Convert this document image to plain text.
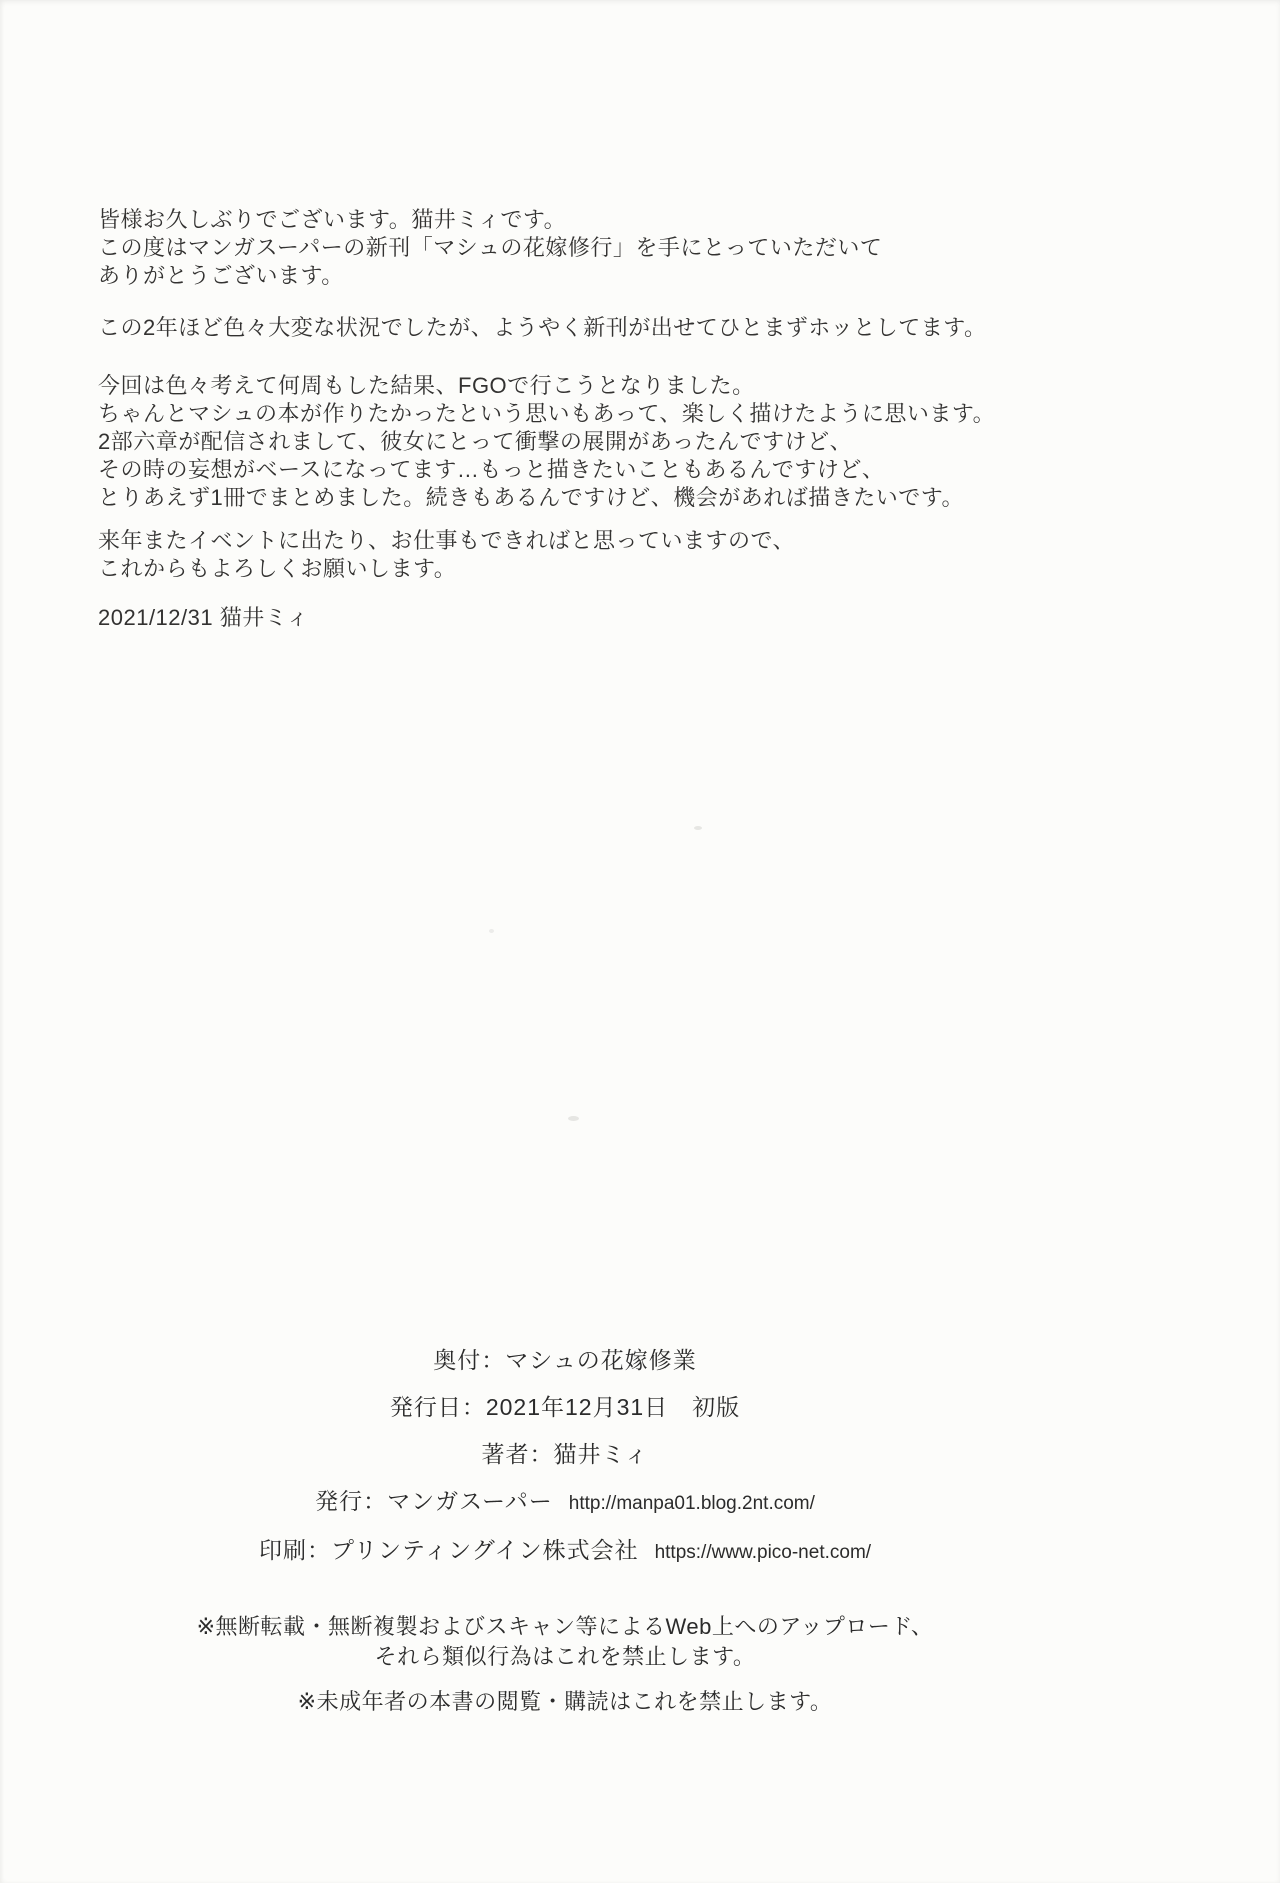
皆様お久しぶりでございます。猫井ミィです。
この度はマンガスーパーの新刊「マシュの花嫁修行」を手にとっていただいて
ありがとうございます。
この2年ほど色々大変な状況でしたが、ようやく新刊が出せてひとまずホッとしてます。
今回は色々考えて何周もした結果、FGOで行こうとなりました。
ちゃんとマシュの本が作りたかったという思いもあって、楽しく描けたように思います。
2部六章が配信されまして、彼女にとって衝撃の展開があったんですけど、
その時の妄想がベースになってます…もっと描きたいこともあるんですけど、
とりあえず1冊でまとめました。続きもあるんですけど、機会があれば描きたいです。
来年またイベントに出たり、お仕事もできればと思っていますので、
これからもよろしくお願いします。
2021/12/31 猫井ミィ
奥付：マシュの花嫁修業
発行日：2021年12月31日　初版
著者：猫井ミィ
発行：マンガスーパー http://manpa01.blog.2nt.com/
印刷：プリンティングイン株式会社 https://www.pico-net.com/
※無断転載・無断複製およびスキャン等によるWeb上へのアップロード、
それら類似行為はこれを禁止します。
※未成年者の本書の閲覧・購読はこれを禁止します。
